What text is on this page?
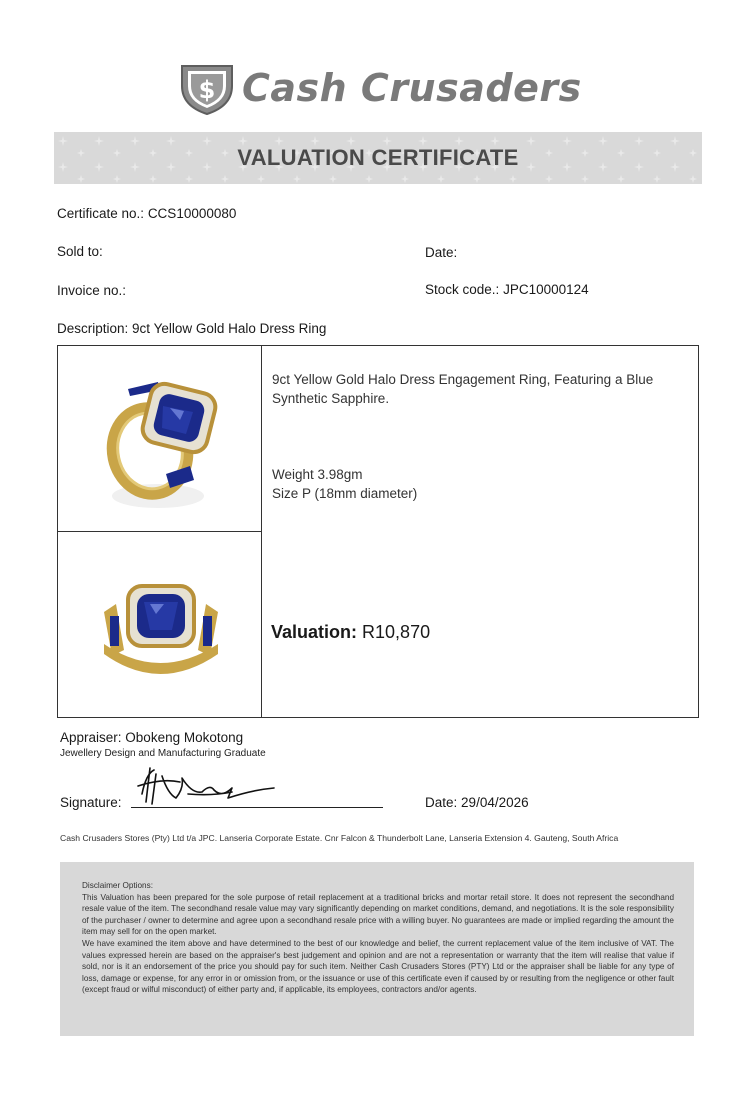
$ Cash Crusaders
VALUATION CERTIFICATE
Certificate no.: CCS10000080
Sold to:	Date:
Invoice no.:	Stock code.: JPC10000124
Description: 9ct Yellow Gold Halo Dress Ring
9ct Yellow Gold Halo Dress Engagement Ring, Featuring a Blue
Synthetic Sapphire.
Weight 3.98gm
Size P (18mm diameter)
Valuation: R10,870
Appraiser: Obokeng Mokotong
Jewellery Design and Manufacturing Graduate
Signature:	Date: 29/04/2026
Cash Crusaders Stores (Pty) Ltd t/a JPC. Lanseria Corporate Estate. Cnr Falcon & Thunderbolt Lane, Lanseria Extension 4. Gauteng, South Africa
Disclaimer Options:
This Valuation has been prepared for the sole purpose of retail replacement at a traditional bricks and mortar retail store. It does not represent the secondhand resale value of the item. The secondhand resale value may vary significantly depending on market conditions, demand, and negotiations. It is the sole responsibility of the purchaser / owner to determine and agree upon a secondhand resale price with a willing buyer. No guarantees are made or implied regarding the amount the item may sell for on the open market.
We have examined the item above and have determined to the best of our knowledge and belief, the current replacement value of the item inclusive of VAT. The values expressed herein are based on the appraiser's best judgement and opinion and are not a representation or warranty that the item will realise that value if sold, nor is it an endorsement of the price you should pay for such item. Neither Cash Crusaders Stores (PTY) Ltd or the appraiser shall be liable for any type of loss, damage or expense, for any error in or omission from, or the issuance or use of this certificate even if caused by or resulting from the negligence or other fault (except fraud or wilful misconduct) of either party and, if applicable, its employees, contractors and/or agents.
